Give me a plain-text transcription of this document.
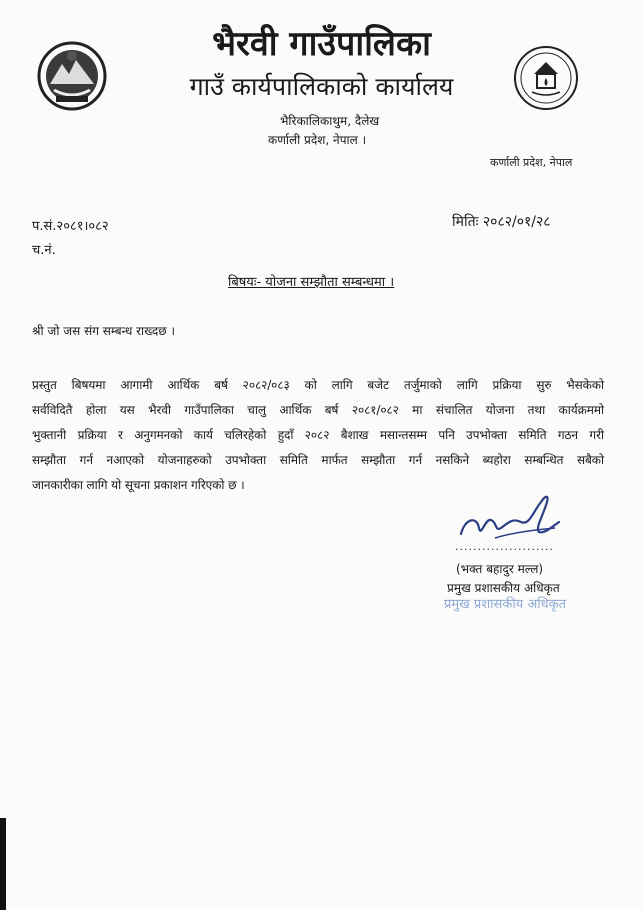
भैरवी गाउँपालिका
गाउँ कार्यपालिकाको कार्यालय
भैरिकालिकाथुम, दैलेख
कर्णाली प्रदेश, नेपाल ।
कर्णाली प्रदेश, नेपाल
प.सं.२०८१।०८२
च.नं.
मितिः २०८२/०१/२८
बिषयः- योजना सम्झौता सम्बन्धमा ।
श्री जो जस संग सम्बन्ध राख्दछ ।
प्रस्तुत बिषयमा आगामी आर्थिक बर्ष २०८२/०८३ को लागि बजेट तर्जुमाको लागि प्रक्रिया सुरु भैसकेको
सर्वविदितै होला यस भैरवी गाउँपालिका चालु आर्थिक बर्ष २०८१/०८२ मा संचालित योजना तथा कार्यक्रममो
भुक्तानी प्रक्रिया र अनुगमनको कार्य चलिरहेको हुदाँ २०८२ बैशाख मसान्तसम्म पनि उपभोक्ता समिति गठन गरी
सम्झौता गर्न नआएको योजनाहरुको उपभोक्ता समिति मार्फत सम्झौता गर्न नसकिने ब्यहोरा सम्बन्धित सबैको
जानकारीका लागि यो सूचना प्रकाशन गरिएको छ ।
......................
(भक्त बहादुर मल्ल)
प्रमुख प्रशासकीय अधिकृत
प्रमुख प्रशासकीय अधिकृत
